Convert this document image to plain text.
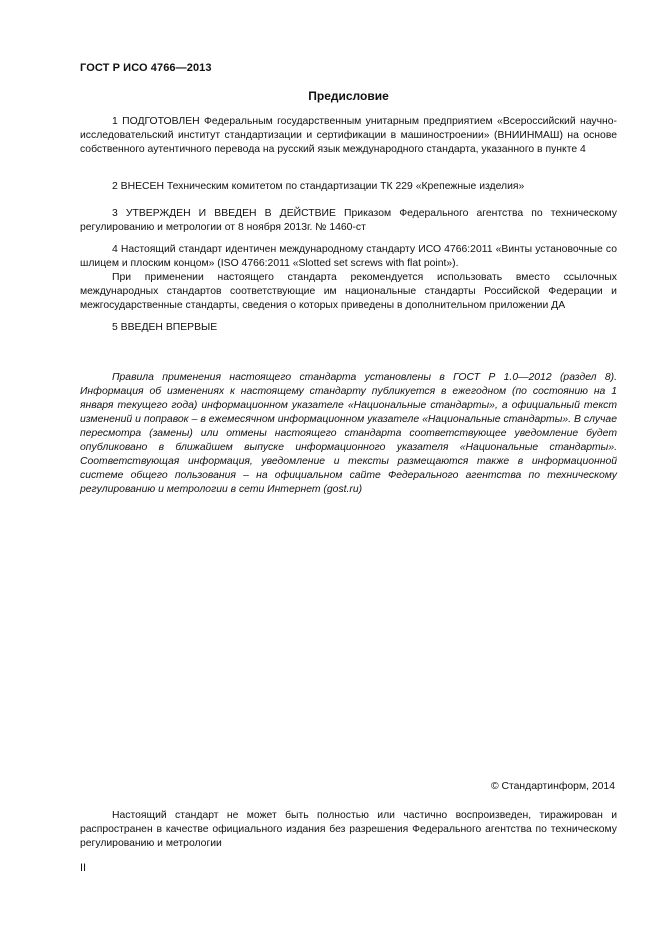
ГОСТ Р ИСО 4766—2013
Предисловие

1 ПОДГОТОВЛЕН Федеральным государственным унитарным предприятием «Всероссийский научно-исследовательский институт стандартизации и сертификации в машиностроении» (ВНИИНМАШ) на основе собственного аутентичного перевода на русский язык международного стандарта, указанного в пункте 4

2 ВНЕСЕН Техническим комитетом по стандартизации ТК 229 «Крепежные изделия»

3 УТВЕРЖДЕН И ВВЕДЕН В ДЕЙСТВИЕ Приказом Федерального агентства по техническому регулированию и метрологии от 8 ноября 2013г. № 1460-ст

4 Настоящий стандарт идентичен международному стандарту ИСО 4766:2011 «Винты установочные со шлицем и плоским концом» (ISO 4766:2011 «Slotted set screws with flat point»).

При применении настоящего стандарта рекомендуется использовать вместо ссылочных международных стандартов соответствующие им национальные стандарты Российской Федерации и межгосударственные стандарты, сведения о которых приведены в дополнительном приложении ДА

5 ВВЕДЕН ВПЕРВЫЕ

Правила применения настоящего стандарта установлены в ГОСТ Р 1.0—2012 (раздел 8). Информация об изменениях к настоящему стандарту публикуется в ежегодном (по состоянию на 1 января текущего года) информационном указателе «Национальные стандарты», а официальный текст изменений и поправок – в ежемесячном информационном указателе «Национальные стандарты». В случае пересмотра (замены) или отмены настоящего стандарта соответствующее уведомление будет опубликовано в ближайшем выпуске информационного указателя «Национальные стандарты». Соответствующая информация, уведомление и тексты размещаются также в информационной системе общего пользования – на официальном сайте Федерального агентства по техническому регулированию и метрологии в сети Интернет (gost.ru)

© Стандартинформ, 2014

Настоящий стандарт не может быть полностью или частично воспроизведен, тиражирован и распространен в качестве официального издания без разрешения Федерального агентства по техническому регулированию и метрологии

II
